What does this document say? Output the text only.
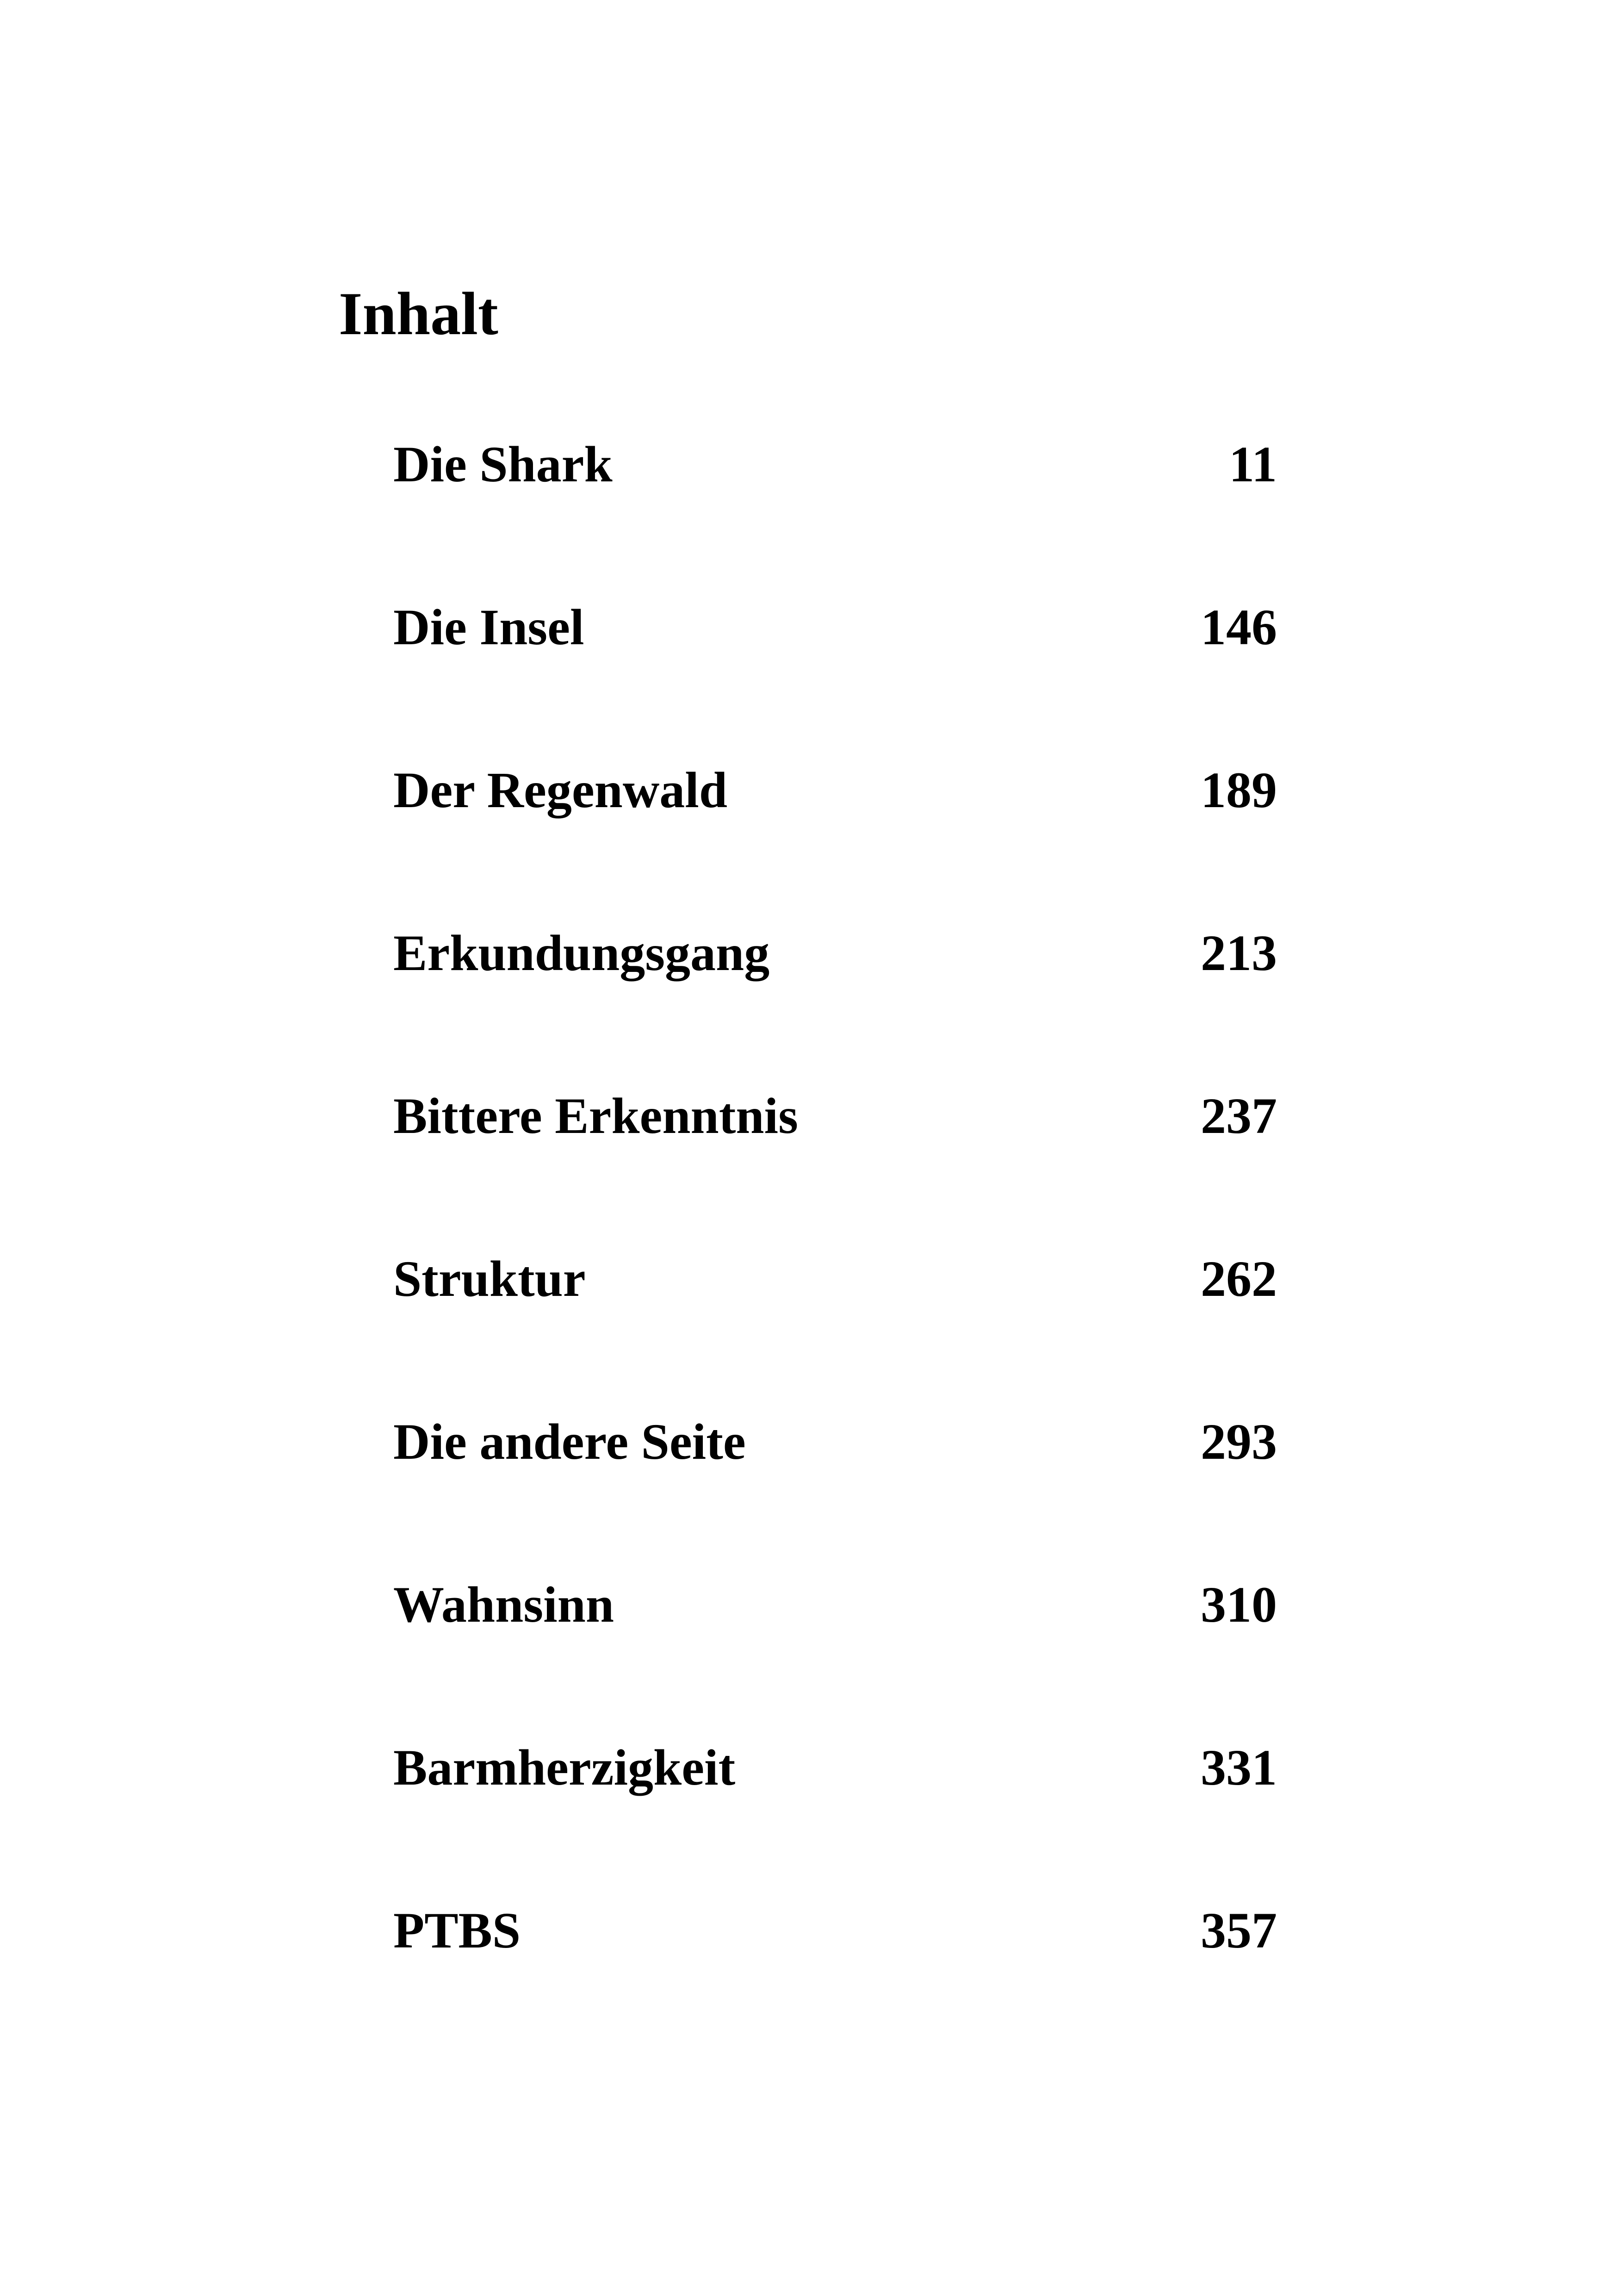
Inhalt
Die Shark	11
Die Insel	146
Der Regenwald	189
Erkundungsgang	213
Bittere Erkenntnis	237
Struktur	262
Die andere Seite	293
Wahnsinn	310
Barmherzigkeit	331
PTBS	357
